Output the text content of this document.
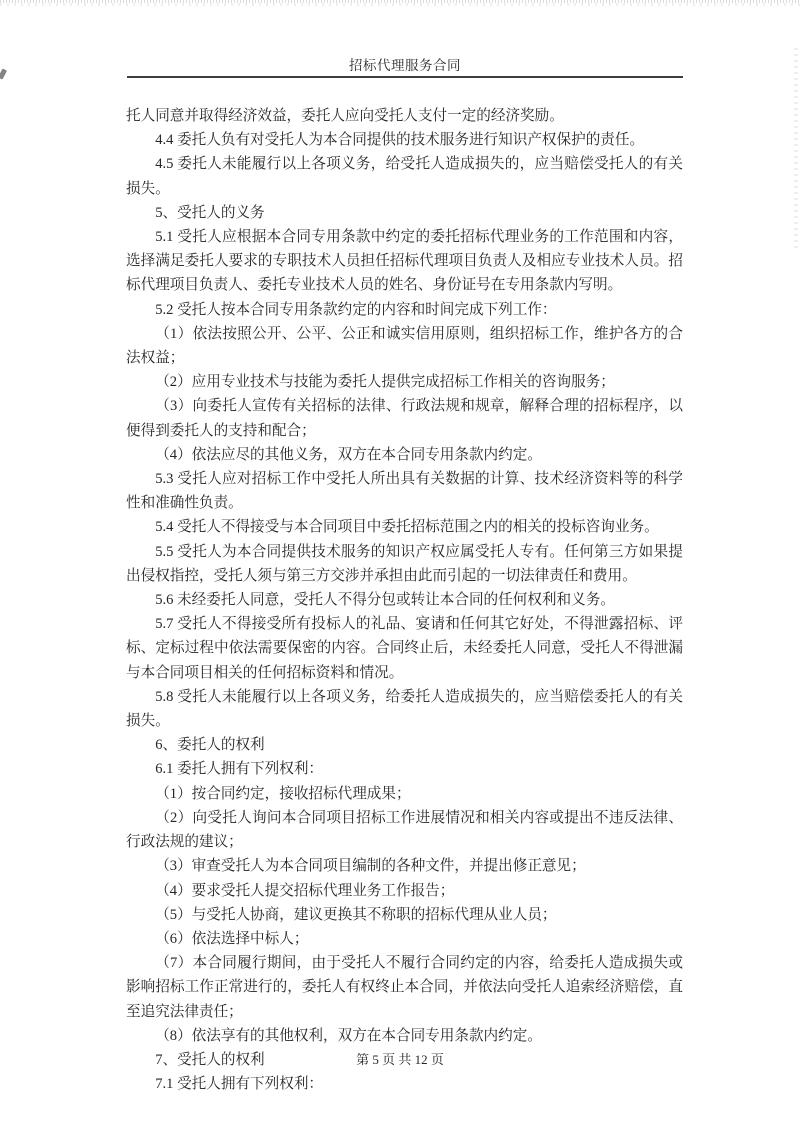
招标代理服务合同

托人同意并取得经济效益，委托人应向受托人支付一定的经济奖励。

4.4 委托人负有对受托人为本合同提供的技术服务进行知识产权保护的责任。

4.5 委托人未能履行以上各项义务，给受托人造成损失的，应当赔偿受托人的有关损失。

5、受托人的义务

5.1 受托人应根据本合同专用条款中约定的委托招标代理业务的工作范围和内容，选择满足委托人要求的专职技术人员担任招标代理项目负责人及相应专业技术人员。招标代理项目负责人、委托专业技术人员的姓名、身份证号在专用条款内写明。

5.2 受托人按本合同专用条款约定的内容和时间完成下列工作：

（1）依法按照公开、公平、公正和诚实信用原则，组织招标工作，维护各方的合法权益；

（2）应用专业技术与技能为委托人提供完成招标工作相关的咨询服务；

（3）向委托人宣传有关招标的法律、行政法规和规章，解释合理的招标程序，以便得到委托人的支持和配合；

（4）依法应尽的其他义务，双方在本合同专用条款内约定。

5.3 受托人应对招标工作中受托人所出具有关数据的计算、技术经济资料等的科学性和准确性负责。

5.4 受托人不得接受与本合同项目中委托招标范围之内的相关的投标咨询业务。

5.5 受托人为本合同提供技术服务的知识产权应属受托人专有。任何第三方如果提出侵权指控，受托人须与第三方交涉并承担由此而引起的一切法律责任和费用。

5.6 未经委托人同意，受托人不得分包或转让本合同的任何权利和义务。

5.7 受托人不得接受所有投标人的礼品、宴请和任何其它好处，不得泄露招标、评标、定标过程中依法需要保密的内容。合同终止后，未经委托人同意，受托人不得泄漏与本合同项目相关的任何招标资料和情况。

5.8 受托人未能履行以上各项义务，给委托人造成损失的，应当赔偿委托人的有关损失。

6、委托人的权利

6.1 委托人拥有下列权利：

（1）按合同约定，接收招标代理成果；

（2）向受托人询问本合同项目招标工作进展情况和相关内容或提出不违反法律、行政法规的建议；

（3）审查受托人为本合同项目编制的各种文件，并提出修正意见；

（4）要求受托人提交招标代理业务工作报告；

（5）与受托人协商，建议更换其不称职的招标代理从业人员；

（6）依法选择中标人；

（7）本合同履行期间，由于受托人不履行合同约定的内容，给委托人造成损失或影响招标工作正常进行的，委托人有权终止本合同，并依法向受托人追索经济赔偿，直至追究法律责任；

（8）依法享有的其他权利，双方在本合同专用条款内约定。

7、受托人的权利

7.1 受托人拥有下列权利：

第 5 页 共 12 页
